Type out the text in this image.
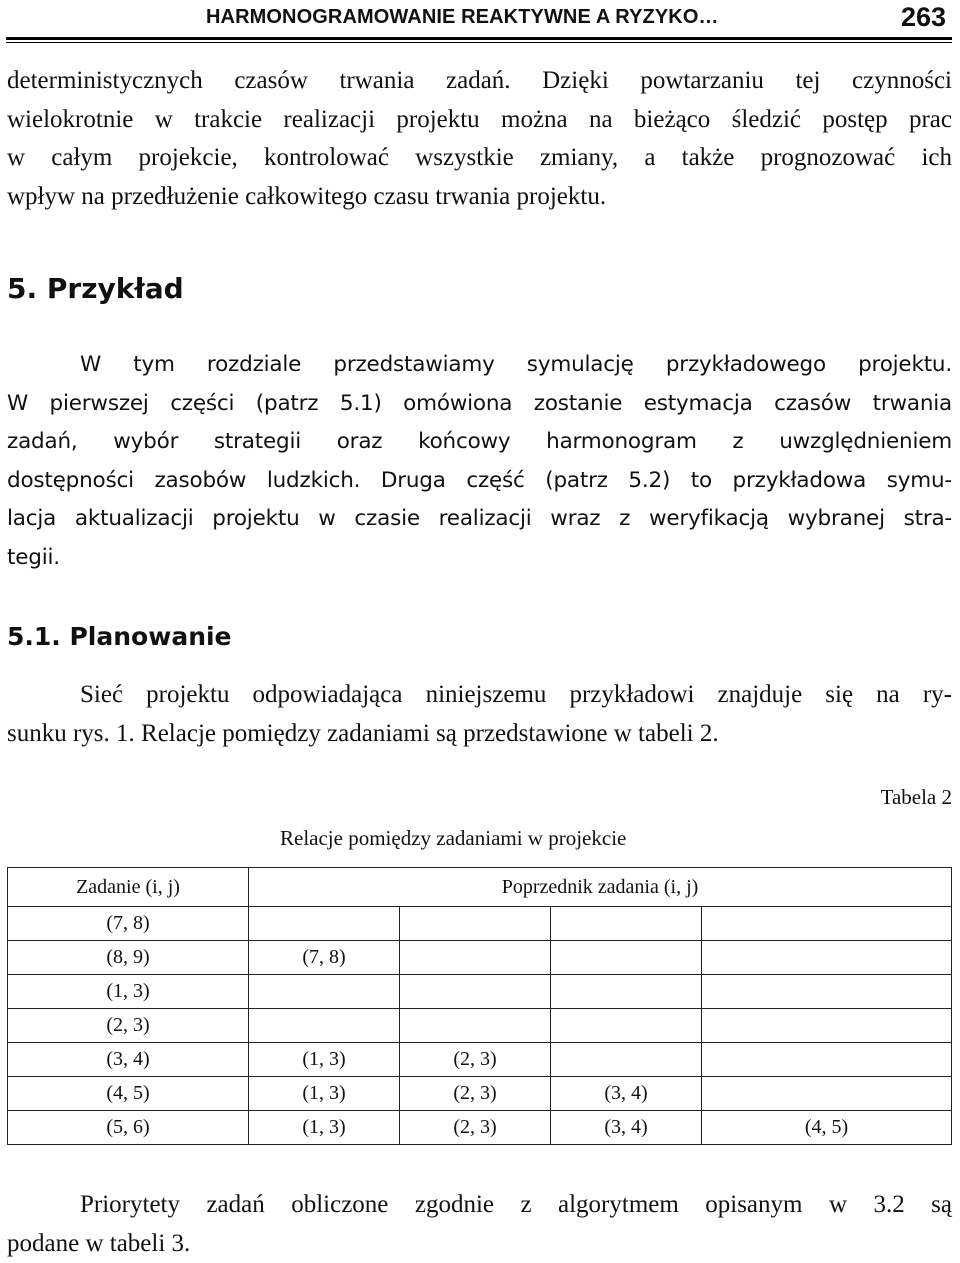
HARMONOGRAMOWANIE REAKTYWNE A RYZYKO…	263
deterministycznych czasów trwania zadań. Dzięki powtarzaniu tej czynności
wielokrotnie w trakcie realizacji projektu można na bieżąco śledzić postęp prac
w całym projekcie, kontrolować wszystkie zmiany, a także prognozować ich
wpływ na przedłużenie całkowitego czasu trwania projektu.
5. Przykład
W tym rozdziale przedstawiamy symulację przykładowego projektu.
W pierwszej części (patrz 5.1) omówiona zostanie estymacja czasów trwania
zadań, wybór strategii oraz końcowy harmonogram z uwzględnieniem
dostępności zasobów ludzkich. Druga część (patrz 5.2) to przykładowa symu-
lacja aktualizacji projektu w czasie realizacji wraz z weryfikacją wybranej stra-
tegii.
5.1. Planowanie
Sieć projektu odpowiadająca niniejszemu przykładowi znajduje się na ry-
sunku rys. 1. Relacje pomiędzy zadaniami są przedstawione w tabeli 2.
Tabela 2
Relacje pomiędzy zadaniami w projekcie
Zadanie (i, j)	Poprzednik zadania (i, j)			
(7, 8)				
(8, 9)	(7, 8)			
(1, 3)				
(2, 3)				
(3, 4)	(1, 3)	(2, 3)		
(4, 5)	(1, 3)	(2, 3)	(3, 4)	
(5, 6)	(1, 3)	(2, 3)	(3, 4)	(4, 5)
Priorytety zadań obliczone zgodnie z algorytmem opisanym w 3.2 są
podane w tabeli 3.
